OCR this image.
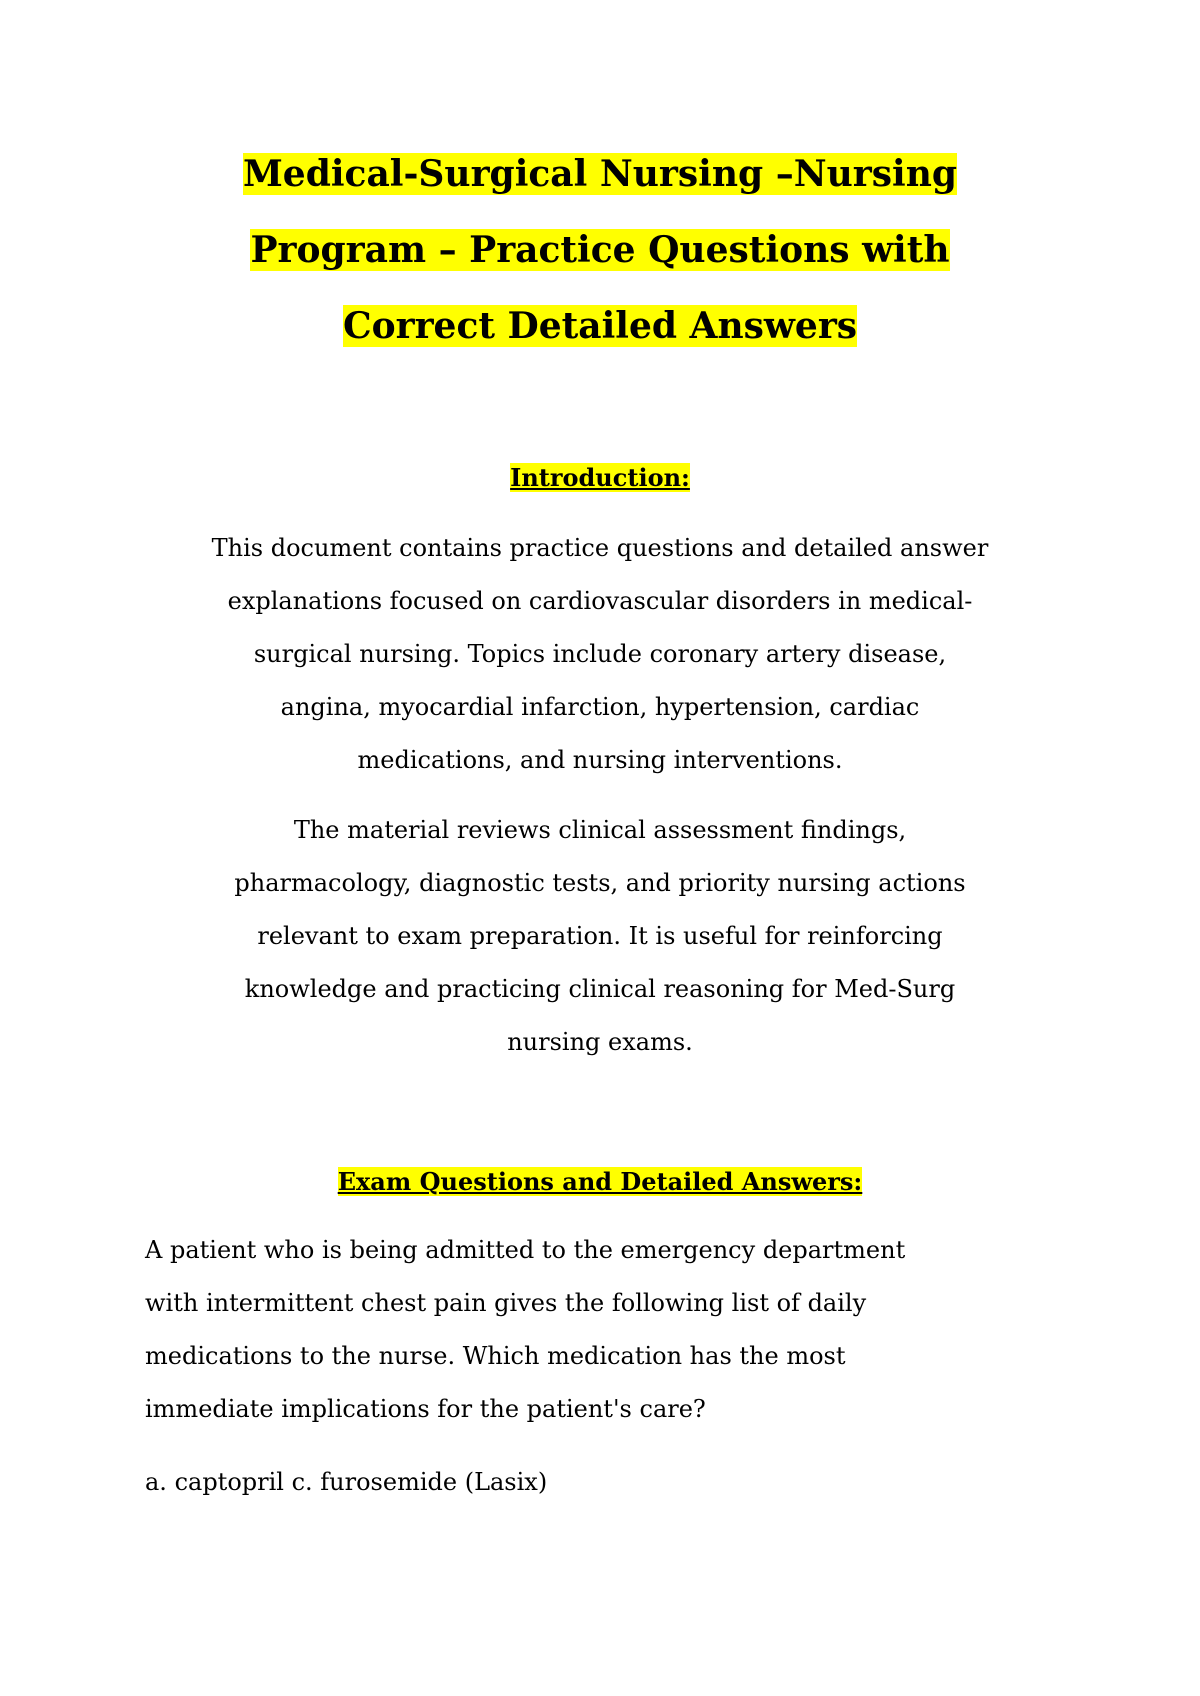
Medical-Surgical Nursing –Nursing
Program – Practice Questions with
Correct Detailed Answers
Introduction:
This document contains practice questions and detailed answer
explanations focused on cardiovascular disorders in medical-
surgical nursing. Topics include coronary artery disease,
angina, myocardial infarction, hypertension, cardiac
medications, and nursing interventions.
The material reviews clinical assessment findings,
pharmacology, diagnostic tests, and priority nursing actions
relevant to exam preparation. It is useful for reinforcing
knowledge and practicing clinical reasoning for Med-Surg
nursing exams.
Exam Questions and Detailed Answers:
A patient who is being admitted to the emergency department
with intermittent chest pain gives the following list of daily
medications to the nurse. Which medication has the most
immediate implications for the patient's care?
a. captopril c. furosemide (Lasix)
